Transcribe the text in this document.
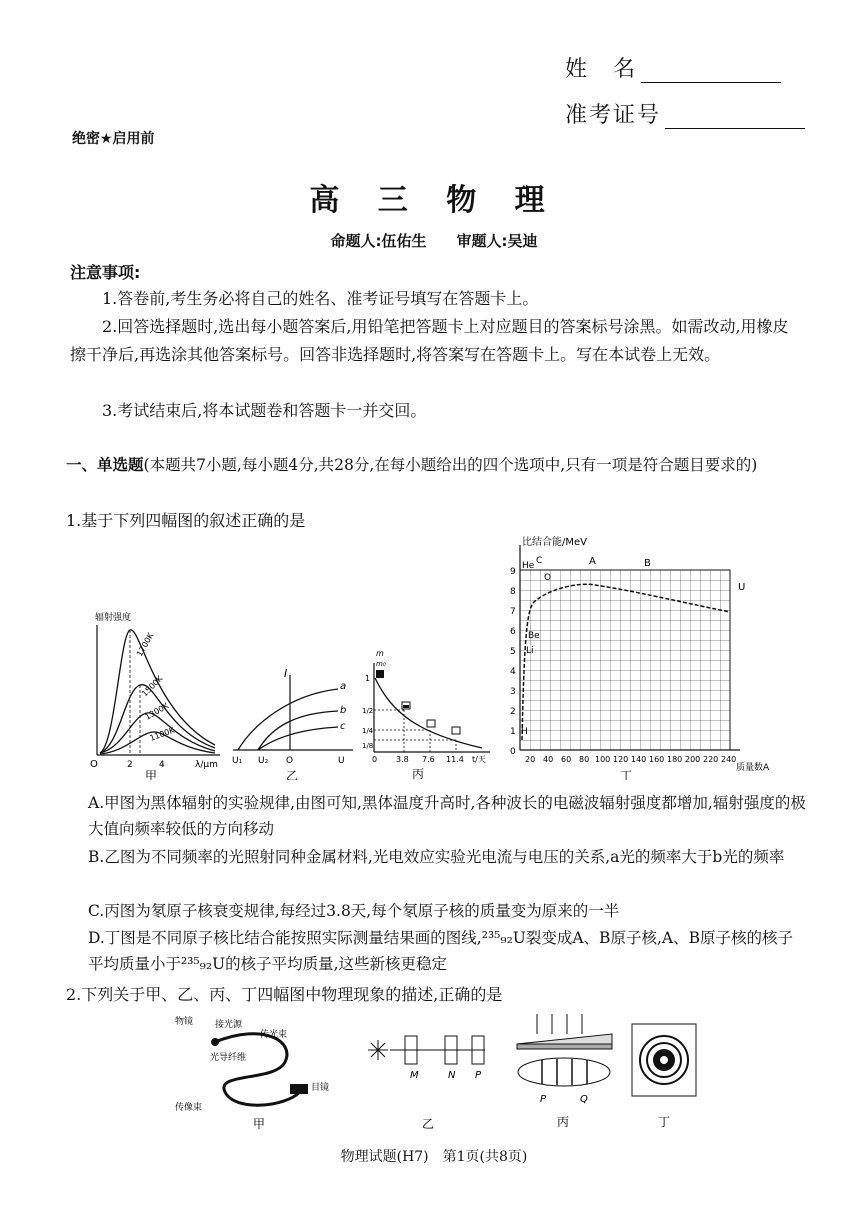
姓　名
准考证号
绝密★启用前
高 三 物 理
命题人:伍佑生　　审题人:吴迪
注意事项:
1.答卷前,考生务必将自己的姓名、准考证号填写在答题卡上。
2.回答选择题时,选出每小题答案后,用铅笔把答题卡上对应题目的答案标号涂黑。如需改动,用橡皮擦干净后,再选涂其他答案标号。回答非选择题时,将答案写在答题卡上。写在本试卷上无效。
3.考试结束后,将本试题卷和答题卡一并交回。
一、单选题(本题共7小题,每小题4分,共28分,在每小题给出的四个选项中,只有一项是符合题目要求的)
1.基于下列四幅图的叙述正确的是
辐射强度
1700K
1500K
1300K
1100K
O	2	4	λ/μm
甲
I
a
b
c
U₁ U₂ O	U
乙
m
m₀
1
1/2
1/4
1/8
0 3.8 7.6 11.4 t/天
丙
比结合能/MeV
0
1
2
3
4
5
6
7
8
9
20 40 60 80 100 120 140 160 180 200 220 240
质量数A
He C
O
A	B
U
Be
Li
H
丁
A.甲图为黑体辐射的实验规律,由图可知,黑体温度升高时,各种波长的电磁波辐射强度都增加,辐射强度的极大值向频率较低的方向移动
B.乙图为不同频率的光照射同种金属材料,光电效应实验光电流与电压的关系,a光的频率大于b光的频率
C.丙图为氡原子核衰变规律,每经过3.8天,每个氡原子核的质量变为原来的一半
D.丁图是不同原子核比结合能按照实际测量结果画的图线,²³⁵₉₂U裂变成A、B原子核,A、B原子核的核子平均质量小于²³⁵₉₂U的核子平均质量,这些新核更稳定
2.下列关于甲、乙、丙、丁四幅图中物理现象的描述,正确的是
物镜 接光源
传光束
光导纤维
传像束
目镜
甲
M	N P
乙
P	Q
丙	丁
物理试题(H7)　第1页(共8页)
